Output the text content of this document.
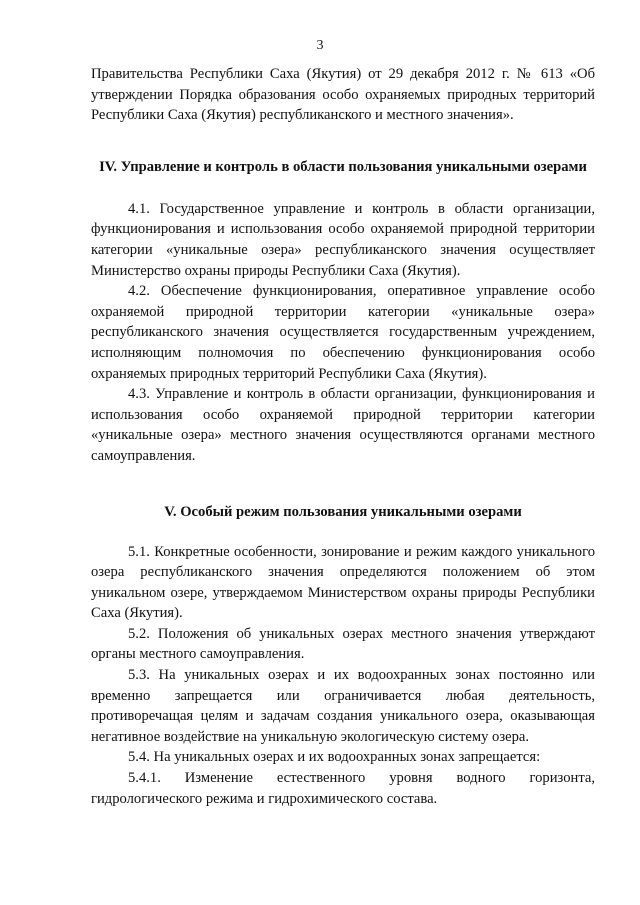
3

Правительства Республики Саха (Якутия) от 29 декабря 2012 г. № 613 «Об утверждении Порядка образования особо охраняемых природных территорий Республики Саха (Якутия) республиканского и местного значения».

IV. Управление и контроль в области пользования уникальными озерами

4.1. Государственное управление и контроль в области организации, функционирования и использования особо охраняемой природной территории категории «уникальные озера» республиканского значения осуществляет Министерство охраны природы Республики Саха (Якутия).

4.2. Обеспечение функционирования, оперативное управление особо охраняемой природной территории категории «уникальные озера» республиканского значения осуществляется государственным учреждением, исполняющим полномочия по обеспечению функционирования особо охраняемых природных территорий Республики Саха (Якутия).

4.3. Управление и контроль в области организации, функционирования и использования особо охраняемой природной территории категории «уникальные озера» местного значения осуществляются органами местного самоуправления.

V. Особый режим пользования уникальными озерами

5.1. Конкретные особенности, зонирование и режим каждого уникального озера республиканского значения определяются положением об этом уникальном озере, утверждаемом Министерством охраны природы Республики Саха (Якутия).

5.2. Положения об уникальных озерах местного значения утверждают органы местного самоуправления.

5.3. На уникальных озерах и их водоохранных зонах постоянно или временно запрещается или ограничивается любая деятельность, противоречащая целям и задачам создания уникального озера, оказывающая негативное воздействие на уникальную экологическую систему озера.

5.4. На уникальных озерах и их водоохранных зонах запрещается:

5.4.1. Изменение естественного уровня водного горизонта, гидрологического режима и гидрохимического состава.
